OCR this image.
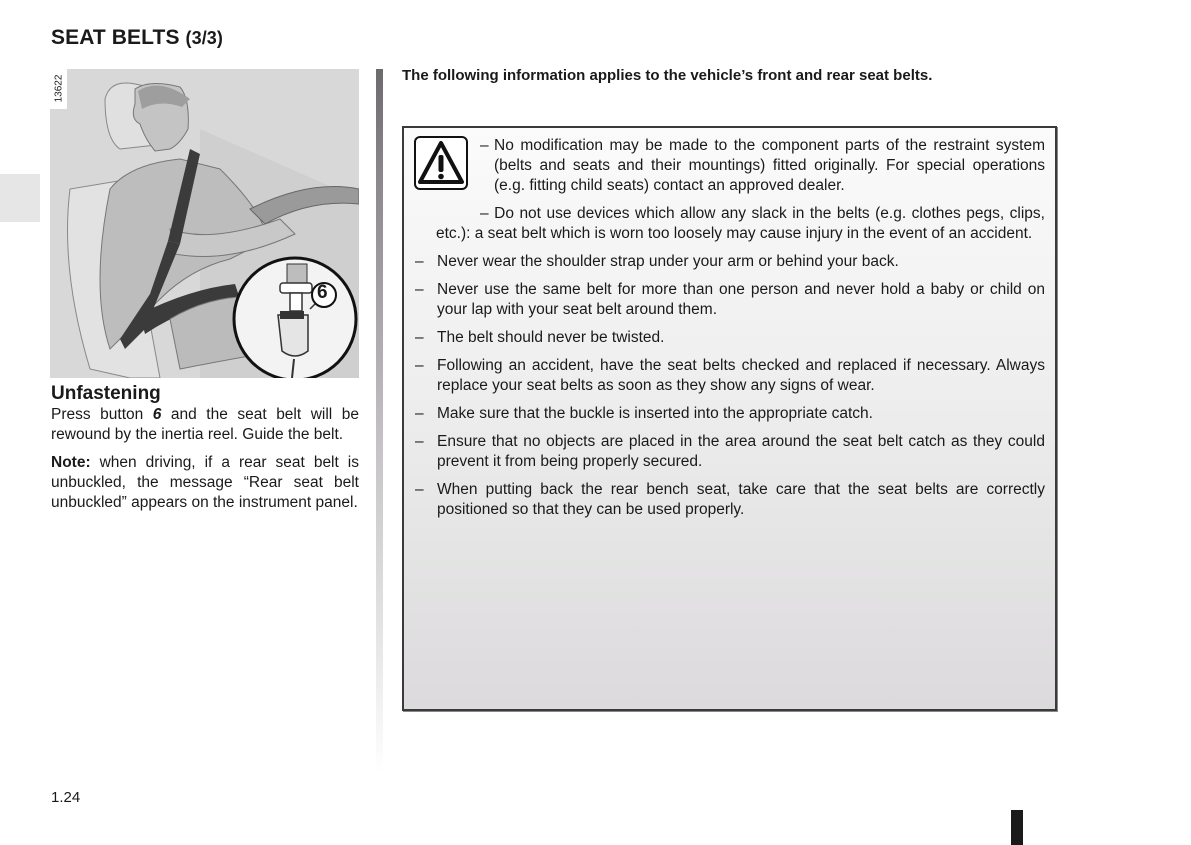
SEAT BELTS (3/3)
6
13622
Unfastening

Press button 6 and the seat belt will be rewound by the inertia reel. Guide the belt.

Note: when driving, if a rear seat belt is unbuckled, the message “Rear seat belt unbuckled” appears on the instrument panel.

The following information applies to the vehicle’s front and rear seat belts.
– No modification may be made to the component parts of the restraint system (belts and seats and their mountings) fitted originally. For special operations (e.g. fitting child seats) contact an approved dealer.
– Do not use devices which allow any slack in the belts (e.g. clothes pegs, clips, etc.): a seat belt which is worn too loosely may cause injury in the event of an accident.
– Never wear the shoulder strap under your arm or behind your back.
– Never use the same belt for more than one person and never hold a baby or child on your lap with your seat belt around them.
– The belt should never be twisted.
– Following an accident, have the seat belts checked and replaced if necessary. Always replace your seat belts as soon as they show any signs of wear.
– Make sure that the buckle is inserted into the appropriate catch.
– Ensure that no objects are placed in the area around the seat belt catch as they could prevent it from being properly secured.
– When putting back the rear bench seat, take care that the seat belts are correctly positioned so that they can be used properly.
1.24
